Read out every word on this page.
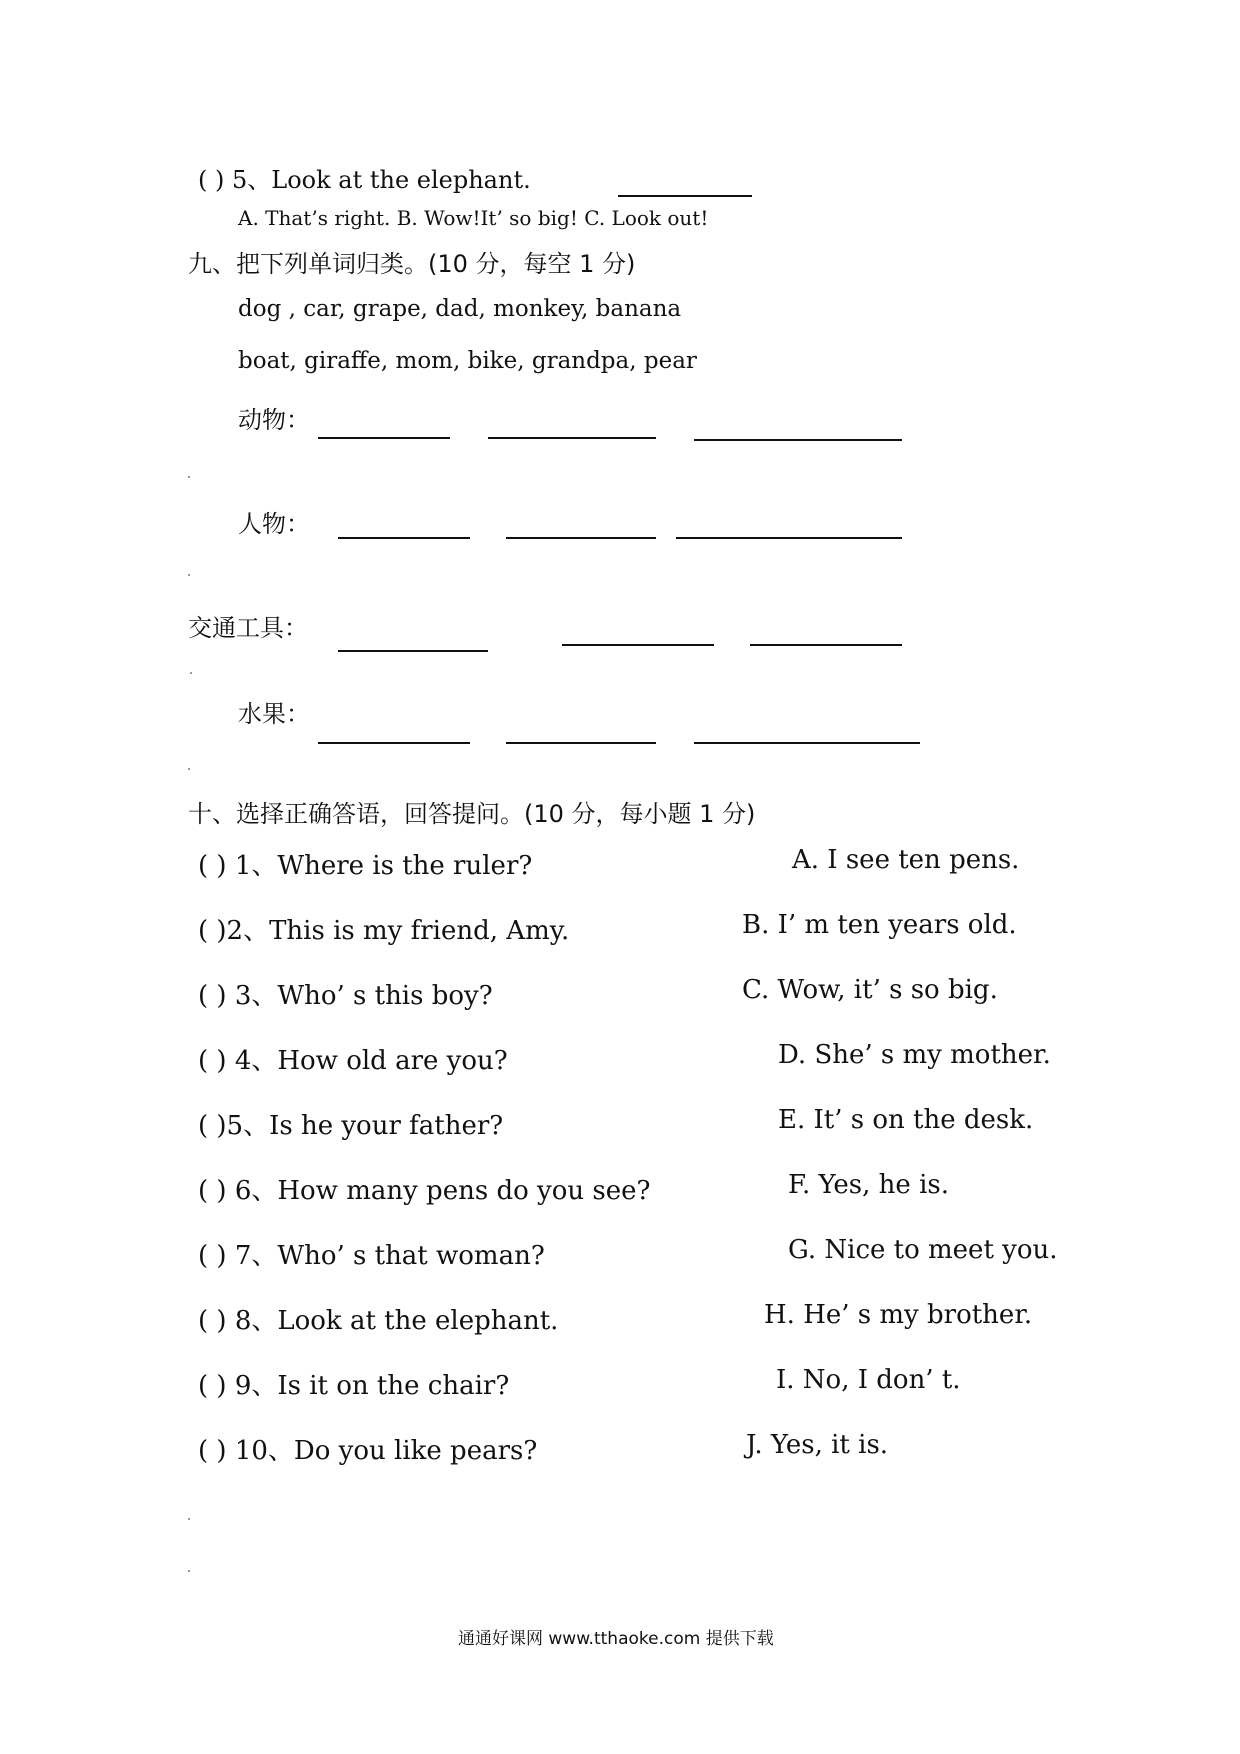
( ) 5、Look at the elephant.
A. That’s right. B. Wow!It’ so big! C. Look out!
九、把下列单词归类。(10 分，每空 1 分)
dog , car, grape, dad, monkey, banana
boat, giraffe, mom, bike, grandpa, pear
动物：
人物：
交通工具：
水果：
十、选择正确答语，回答提问。(10 分，每小题 1 分)
( ) 1、Where is the ruler?	A. I see ten pens.
( )2、This is my friend, Amy.	B. I’ m ten years old.
( ) 3、Who’ s this boy?	C. Wow, it’ s so big.
( ) 4、How old are you?	D. She’ s my mother.
( )5、Is he your father?	E. It’ s on the desk.
( ) 6、How many pens do you see?	F. Yes, he is.
( ) 7、Who’ s that woman?	G. Nice to meet you.
( ) 8、Look at the elephant.	H. He’ s my brother.
( ) 9、Is it on the chair?	I. No, I don’ t.
( ) 10、Do you like pears?	J. Yes, it is.
通通好课网 www.tthaoke.com 提供下载
